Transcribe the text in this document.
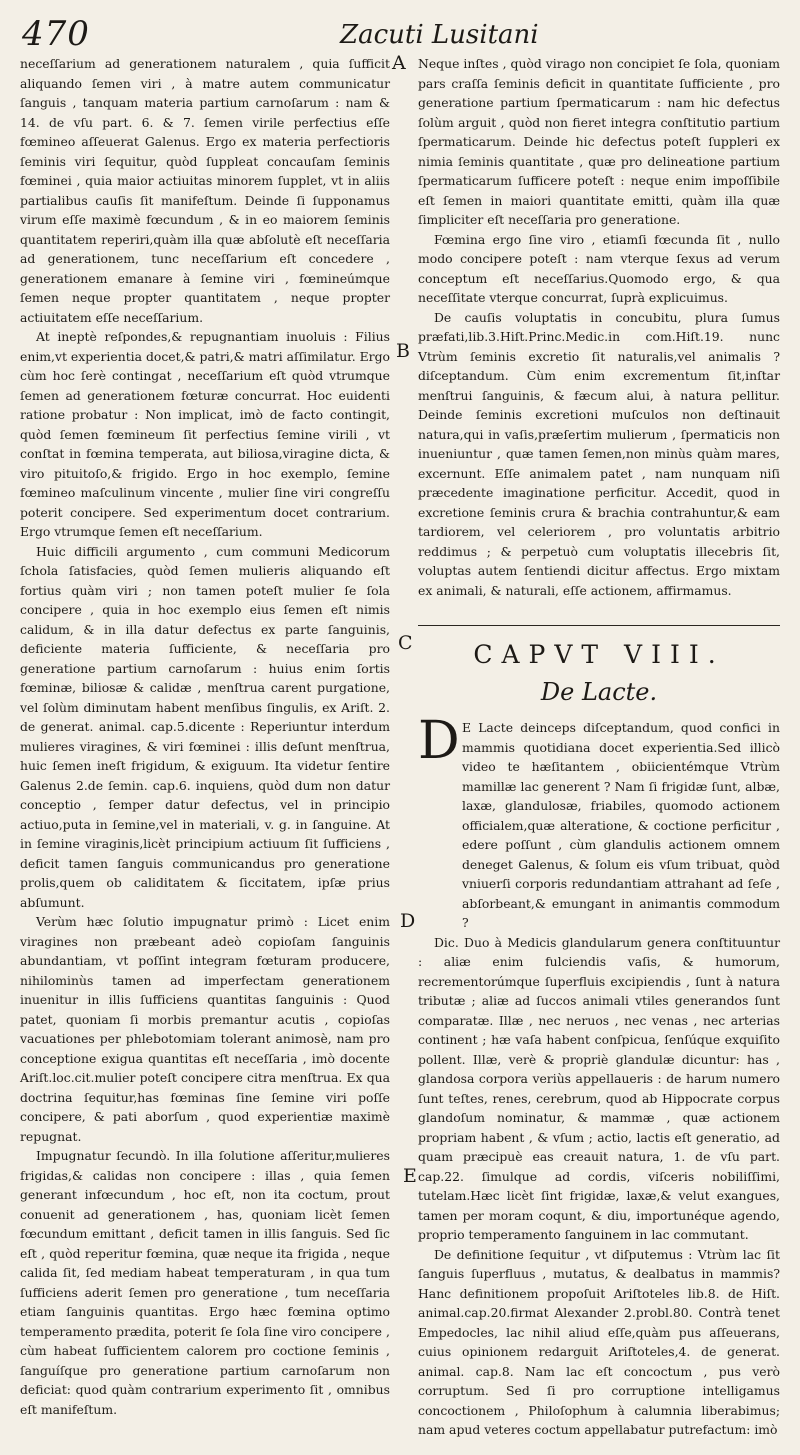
470	Zacuti Lusitani

neceſſarium ad generationem naturalem , quia ſufficit aliquando ſemen viri , à matre autem communicatur ſanguis , tanquam materia partium carnoſarum : nam & 14. de vſu part. 6. & 7. ſemen virile perfectius eſſe fœmineo aſſeuerat Galenus. Ergo ex materia perfectioris ſeminis viri ſequitur, quòd ſuppleat concauſam ſeminis fœminei , quia maior actiuitas minorem ſupplet, vt in aliis partialibus cauſis ſit manifeſtum. Deinde ſi ſupponamus virum eſſe maximè fœcundum , & in eo maiorem ſeminis quantitatem reperiri,quàm illa quæ abſolutè eſt neceſſaria ad generationem, tunc neceſſarium eſt concedere , generationem emanare à ſemine viri , fœmineúmque ſemen neque propter quantitatem , neque propter actiuitatem eſſe neceſſarium.

At ineptè reſpondes,& repugnantiam inuoluis : Filius enim,vt experientia docet,& patri,& matri aſſimilatur. Ergo cùm hoc ſerè contingat , neceſſarium eſt quòd vtrumque ſemen ad generationem fœturæ concurrat. Hoc euidenti ratione probatur : Non implicat, imò de facto contingit, quòd ſemen fœmineum ſit perfectius ſemine virili , vt conſtat in fœmina temperata, aut biliosa,viragine dicta, & viro pituitoſo,& frigido. Ergo in hoc exemplo, ſemine fœmineo maſculinum vincente , mulier ſine viri congreſſu poterit concipere. Sed experimentum docet contrarium. Ergo vtrumque ſemen eſt neceſſarium.

Huic difficili argumento , cum communi Medicorum ſchola ſatisfacies, quòd ſemen mulieris aliquando eſt fortius quàm viri ; non tamen poteſt mulier ſe ſola concipere , quia in hoc exemplo eius ſemen eſt nimis calidum, & in illa datur defectus ex parte ſanguinis, deficiente materia ſufficiente, & neceſſaria pro generatione partium carnoſarum : huius enim ſortis fœminæ, biliosæ & calidæ , menſtrua carent purgatione, vel ſolùm diminutam habent menſibus ſingulis, ex Ariſt. 2. de generat. animal. cap.5.dicente : Reperiuntur interdum mulieres viragines, & viri fœminei : illis deſunt menſtrua, huic ſemen ineſt frigidum, & exiguum. Ita videtur ſentire Galenus 2.de ſemin. cap.6. inquiens, quòd dum non datur conceptio , ſemper datur defectus, vel in principio actiuo,puta in ſemine,vel in materiali, v. g. in ſanguine. At in ſemine viraginis,licèt principium actiuum ſit ſufficiens , deficit tamen ſanguis communicandus pro generatione prolis,quem ob caliditatem & ſiccitatem, ipſæ prius abſumunt.

Verùm hæc ſolutio impugnatur primò : Licet enim viragines non præbeant adeò copioſam ſanguinis abundantiam, vt poſſint integram fœturam producere, nihilominùs tamen ad imperfectam generationem inuenitur in illis ſufficiens quantitas ſanguinis : Quod patet, quoniam ſi morbis premantur acutis , copioſas vacuationes per phlebotomiam tolerant animosè, nam pro conceptione exigua quantitas eſt neceſſaria , imò docente Ariſt.loc.cit.mulier poteſt concipere citra menſtrua. Ex qua doctrina ſequitur,has fœminas ſine ſemine viri poſſe concipere, & pati aborſum , quod experientiæ maximè repugnat.

Impugnatur ſecundò. In illa ſolutione aſſeritur,mulieres frigidas,& calidas non concipere : illas , quia ſemen generant infœcundum , hoc eſt, non ita coctum, prout conuenit ad generationem , has, quoniam licèt ſemen fœcundum emittant , deficit tamen in illis ſanguis. Sed ſic eſt , quòd reperitur fœmina, quæ neque ita frigida , neque calida ſit, ſed mediam habeat temperaturam , in qua tum ſufficiens aderit ſemen pro generatione , tum neceſſaria etiam ſanguinis quantitas. Ergo hæc fœmina optimo temperamento prædita, poterit ſe ſola ſine viro concipere , cùm habeat ſufficientem calorem pro coctione ſeminis , ſanguíſque pro generatione partium carnoſarum non deficiat: quod quàm contrarium experimento ſit , omnibus eſt manifeſtum.

A
B
C
D
E

Neque inſtes , quòd virago non concipiet ſe ſola, quoniam pars craſſa ſeminis deficit in quantitate ſufficiente , pro generatione partium ſpermaticarum : nam hic defectus ſolùm arguit , quòd non fieret integra conſtitutio partium ſpermaticarum. Deinde hic defectus poteſt ſuppleri ex nimia ſeminis quantitate , quæ pro delineatione partium ſpermaticarum ſufficere poteſt : neque enim impoſſibile eſt ſemen in maiori quantitate emitti, quàm illa quæ ſimpliciter eſt neceſſaria pro generatione.

Fœmina ergo ſine viro , etiamſi fœcunda ſit , nullo modo concipere poteſt : nam vterque ſexus ad verum conceptum eſt neceſſarius.Quomodo ergo, & qua neceſſitate vterque concurrat, ſuprà explicuimus.

De cauſis voluptatis in concubitu, plura ſumus præfati,lib.3.Hiſt.Princ.Medic.in com.Hiſt.19. nunc Vtrùm ſeminis excretio ſit naturalis,vel animalis ? diſceptandum. Cùm enim excrementum ſit,inſtar menſtrui ſanguinis, & fæcum alui, à natura pellitur. Deinde ſeminis excretioni muſculos non deſtinauit natura,qui in vaſis,præſertim mulierum , ſpermaticis non inueniuntur , quæ tamen ſemen,non minùs quàm mares, excernunt. Eſſe animalem patet , nam nunquam niſi præcedente imaginatione perficitur. Accedit, quod in excretione ſeminis crura & brachia contrahuntur,& eam tardiorem, vel celeriorem , pro voluntatis arbitrio reddimus ; & perpetuò cum voluptatis illecebris ſit, voluptas autem ſentiendi dicitur affectus. Ergo mixtam ex animali, & naturali, eſſe actionem, affirmamus.

CAPVT VIII.
De Lacte.
D E Lacte deinceps diſceptandum, quod confici in mammis quotidiana docet experientia.Sed illicò video te hæſitantem , obiicientémque Vtrùm mamillæ lac generent ? Nam ſi frigidæ ſunt, albæ, laxæ, glandulosæ, friabiles, quomodo actionem officialem,quæ alteratione, & coctione perficitur , edere poſſunt , cùm glandulis actionem omnem deneget Galenus, & ſolum eis vſum tribuat, quòd vniuerſi corporis redundantiam attrahant ad ſeſe , abſorbeant,& emungant in animantis commodum ?

Dic. Duo à Medicis glandularum genera conſtituuntur : aliæ enim fulciendis vaſis, & humorum, recrementorúmque ſuperfluis excipiendis , ſunt à natura tributæ ; aliæ ad ſuccos animali vtiles generandos ſunt comparatæ. Illæ , nec neruos , nec venas , nec arterias continent ; hæ vaſa habent conſpicua, ſenſúque exquiſito pollent. Illæ, verè & propriè glandulæ dicuntur: has , glandosa corpora veriùs appellaueris : de harum numero ſunt teſtes, renes, cerebrum, quod ab Hippocrate corpus glandoſum nominatur, & mammæ , quæ actionem propriam habent , & vſum ; actio, lactis eſt generatio, ad quam præcipuè eas creauit natura, 1. de vſu part. cap.22. ſimulque ad cordis, viſceris nobiliſſimi, tutelam.Hæc licèt ſint frigidæ, laxæ,& velut exangues, tamen per moram coqunt, & diu, importunéque agendo, proprio temperamento ſanguinem in lac commutant.

De definitione ſequitur , vt diſputemus : Vtrùm lac ſit ſanguis ſuperfluus , mutatus, & dealbatus in mammis? Hanc definitionem propoſuit Ariſtoteles lib.8. de Hiſt. animal.cap.20.firmat Alexander 2.probl.80. Contrà tenet Empedocles, lac nihil aliud eſſe,quàm pus aſſeuerans, cuius opinionem redarguit Ariſtoteles,4. de generat. animal. cap.8. Nam lac eſt concoctum , pus verò corruptum. Sed ſi pro corruptione intelligamus concoctionem , Philoſophum à calumnia liberabimus; nam apud veteres coctum appellabatur putrefactum: imò
